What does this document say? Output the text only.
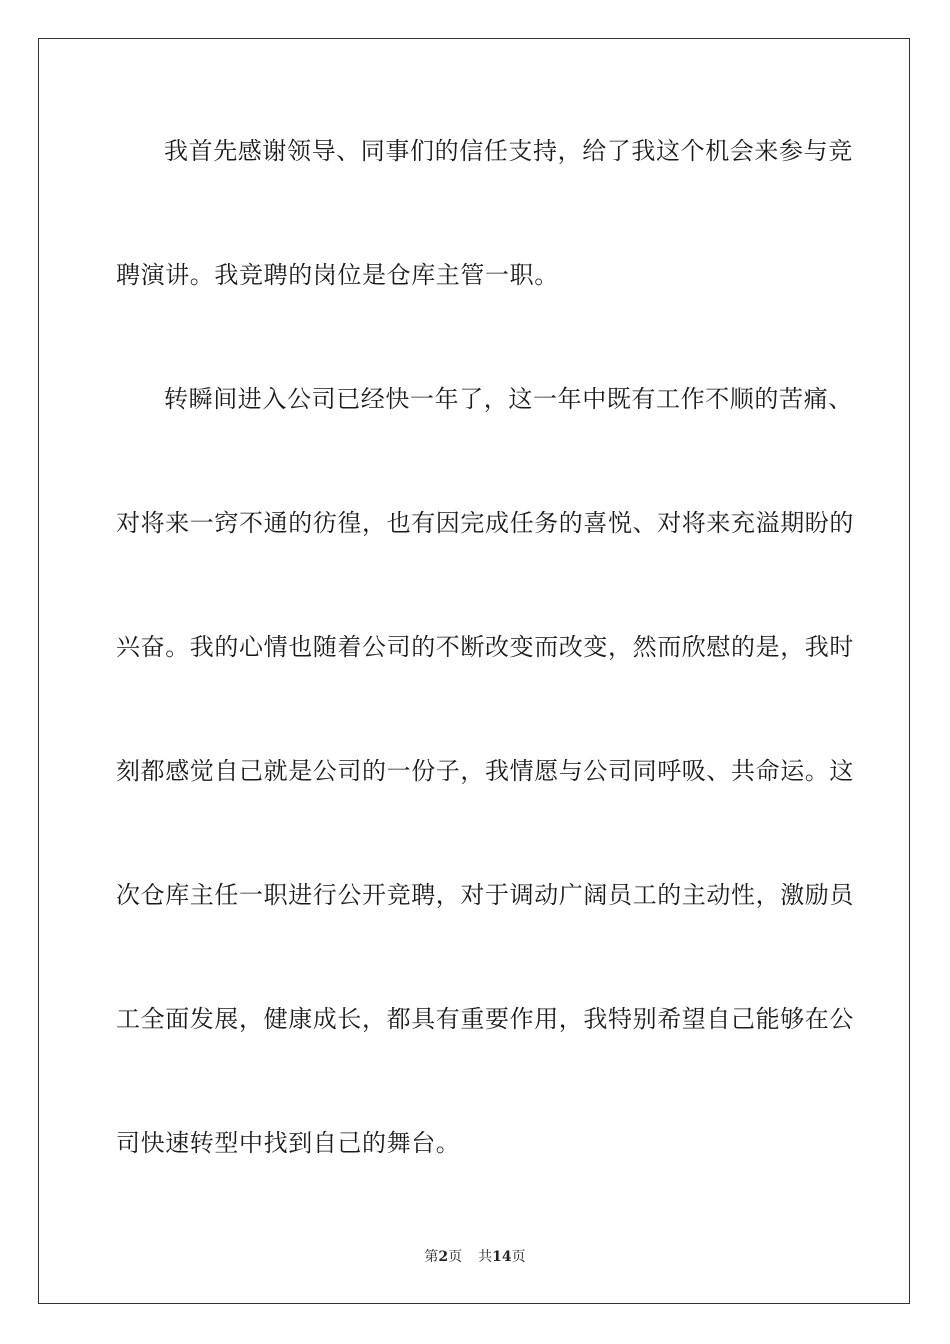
我首先感谢领导、同事们的信任支持，给了我这个机会来参与竞
聘演讲。我竞聘的岗位是仓库主管一职。
转瞬间进入公司已经快一年了，这一年中既有工作不顺的苦痛、
对将来一窍不通的彷徨，也有因完成任务的喜悦、对将来充溢期盼的
兴奋。我的心情也随着公司的不断改变而改变，然而欣慰的是，我时
刻都感觉自己就是公司的一份子，我情愿与公司同呼吸、共命运。这
次仓库主任一职进行公开竞聘，对于调动广阔员工的主动性，激励员
工全面发展，健康成长，都具有重要作用，我特别希望自己能够在公
司快速转型中找到自己的舞台。
第2页 共14页
